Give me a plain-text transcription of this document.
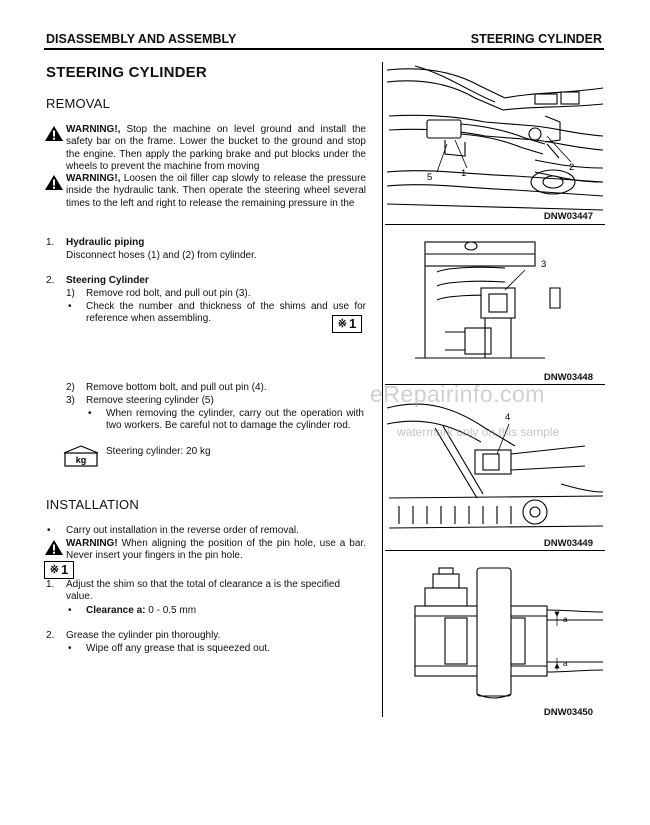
DISASSEMBLY AND ASSEMBLY	STEERING CYLINDER
STEERING CYLINDER
REMOVAL
WARNING!, Stop the machine on level ground and install the safety bar on the frame. Lower the bucket to the ground and stop the engine. Then apply the parking brake and put blocks under the wheels to prevent the machine from moving
WARNING!, Loosen the oil filler cap slowly to release the pressure inside the hydraulic tank. Then operate the steering wheel several times to the left and right to release the remaining pressure in the
1. Hydraulic piping
Disconnect hoses (1) and (2) from cylinder.
2. Steering Cylinder
1) Remove rod bolt, and pull out pin (3).
• Check the number and thickness of the shims and use for reference when assembling.	※ 1
2) Remove bottom bolt, and pull out pin (4).
3) Remove steering cylinder (5)
• When removing the cylinder, carry out the operation with two workers. Be careful not to damage the cylinder rod.
kg
Steering cylinder: 20 kg
INSTALLATION
• Carry out installation in the reverse order of removal.
WARNING! When aligning the position of the pin hole, use a bar. Never insert your fingers in the pin hole.
※ 1
1. Adjust the shim so that the total of clearance a is the specified value.
• Clearance a: 0 - 0.5 mm
2. Grease the cylinder pin thoroughly.
• Wipe off any grease that is squeezed out.
5	1
2
DNW03447
3
DNW03448
4
DNW03449
a
a
DNW03450
eRepairinfo.com
watermark only on this sample
